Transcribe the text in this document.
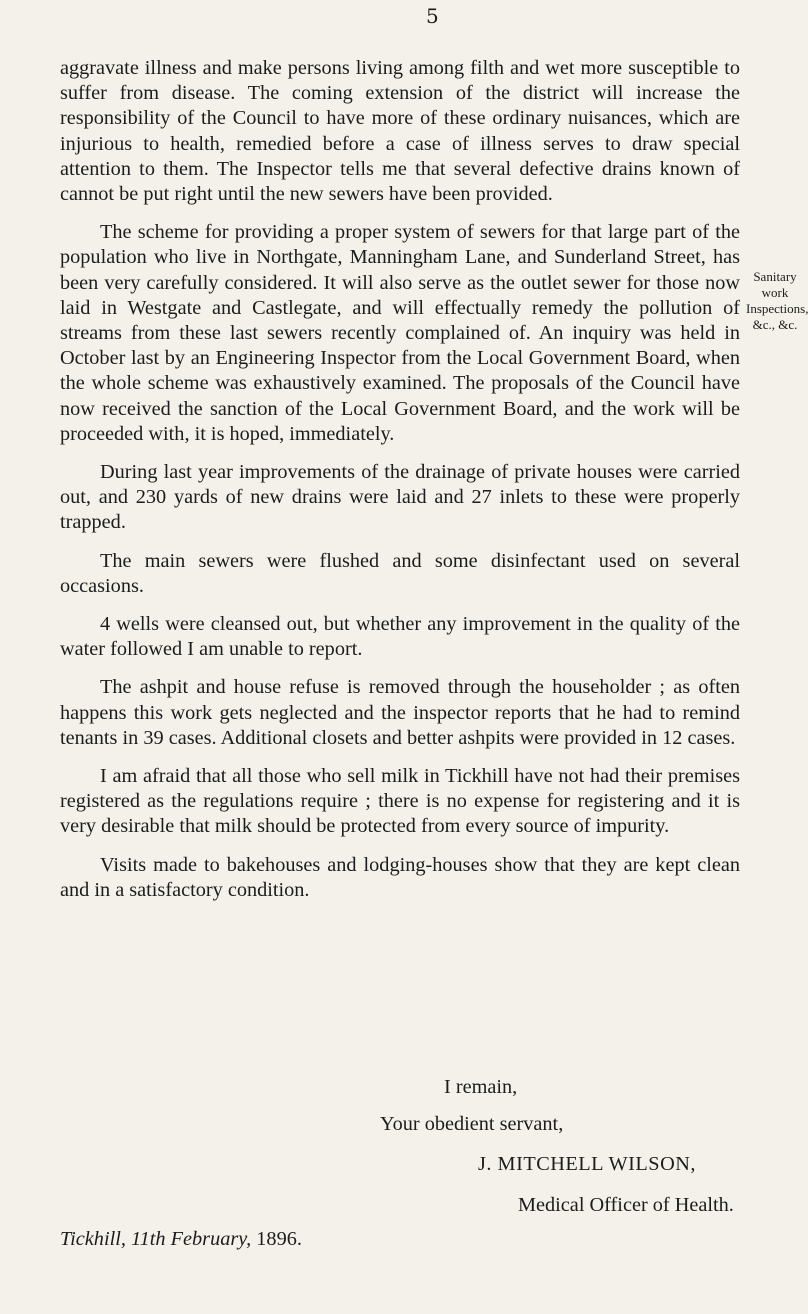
5

aggravate illness and make persons living among filth and wet more susceptible to suffer from disease. The coming extension of the district will increase the responsibility of the Council to have more of these ordinary nuisances, which are injurious to health, remedied before a case of illness serves to draw special attention to them. The Inspector tells me that several defective drains known of cannot be put right until the new sewers have been provided.

The scheme for providing a proper system of sewers for that large part of the population who live in Northgate, Manningham Lane, and Sunderland Street, has been very carefully considered. It will also serve as the outlet sewer for those now laid in Westgate and Castlegate, and will effectually remedy the pollution of streams from these last sewers recently complained of. An inquiry was held in October last by an Engineering Inspector from the Local Government Board, when the whole scheme was exhaustively examined. The proposals of the Council have now received the sanction of the Local Government Board, and the work will be proceeded with, it is hoped, immediately.

During last year improvements of the drainage of private houses were carried out, and 230 yards of new drains were laid and 27 inlets to these were properly trapped.

The main sewers were flushed and some disinfectant used on several occasions.

4 wells were cleansed out, but whether any improvement in the quality of the water followed I am unable to report.

The ashpit and house refuse is removed through the householder ; as often happens this work gets neglected and the inspector reports that he had to remind tenants in 39 cases. Additional closets and better ashpits were provided in 12 cases.

I am afraid that all those who sell milk in Tickhill have not had their premises registered as the regulations require ; there is no expense for registering and it is very desirable that milk should be protected from every source of impurity.

Visits made to bakehouses and lodging-houses show that they are kept clean and in a satisfactory condition.

Sanitary work
Inspections,
&c., &c.
I remain,
Your obedient servant,
J. MITCHELL WILSON,
Medical Officer of Health.
Tickhill, 11th February, 1896.
